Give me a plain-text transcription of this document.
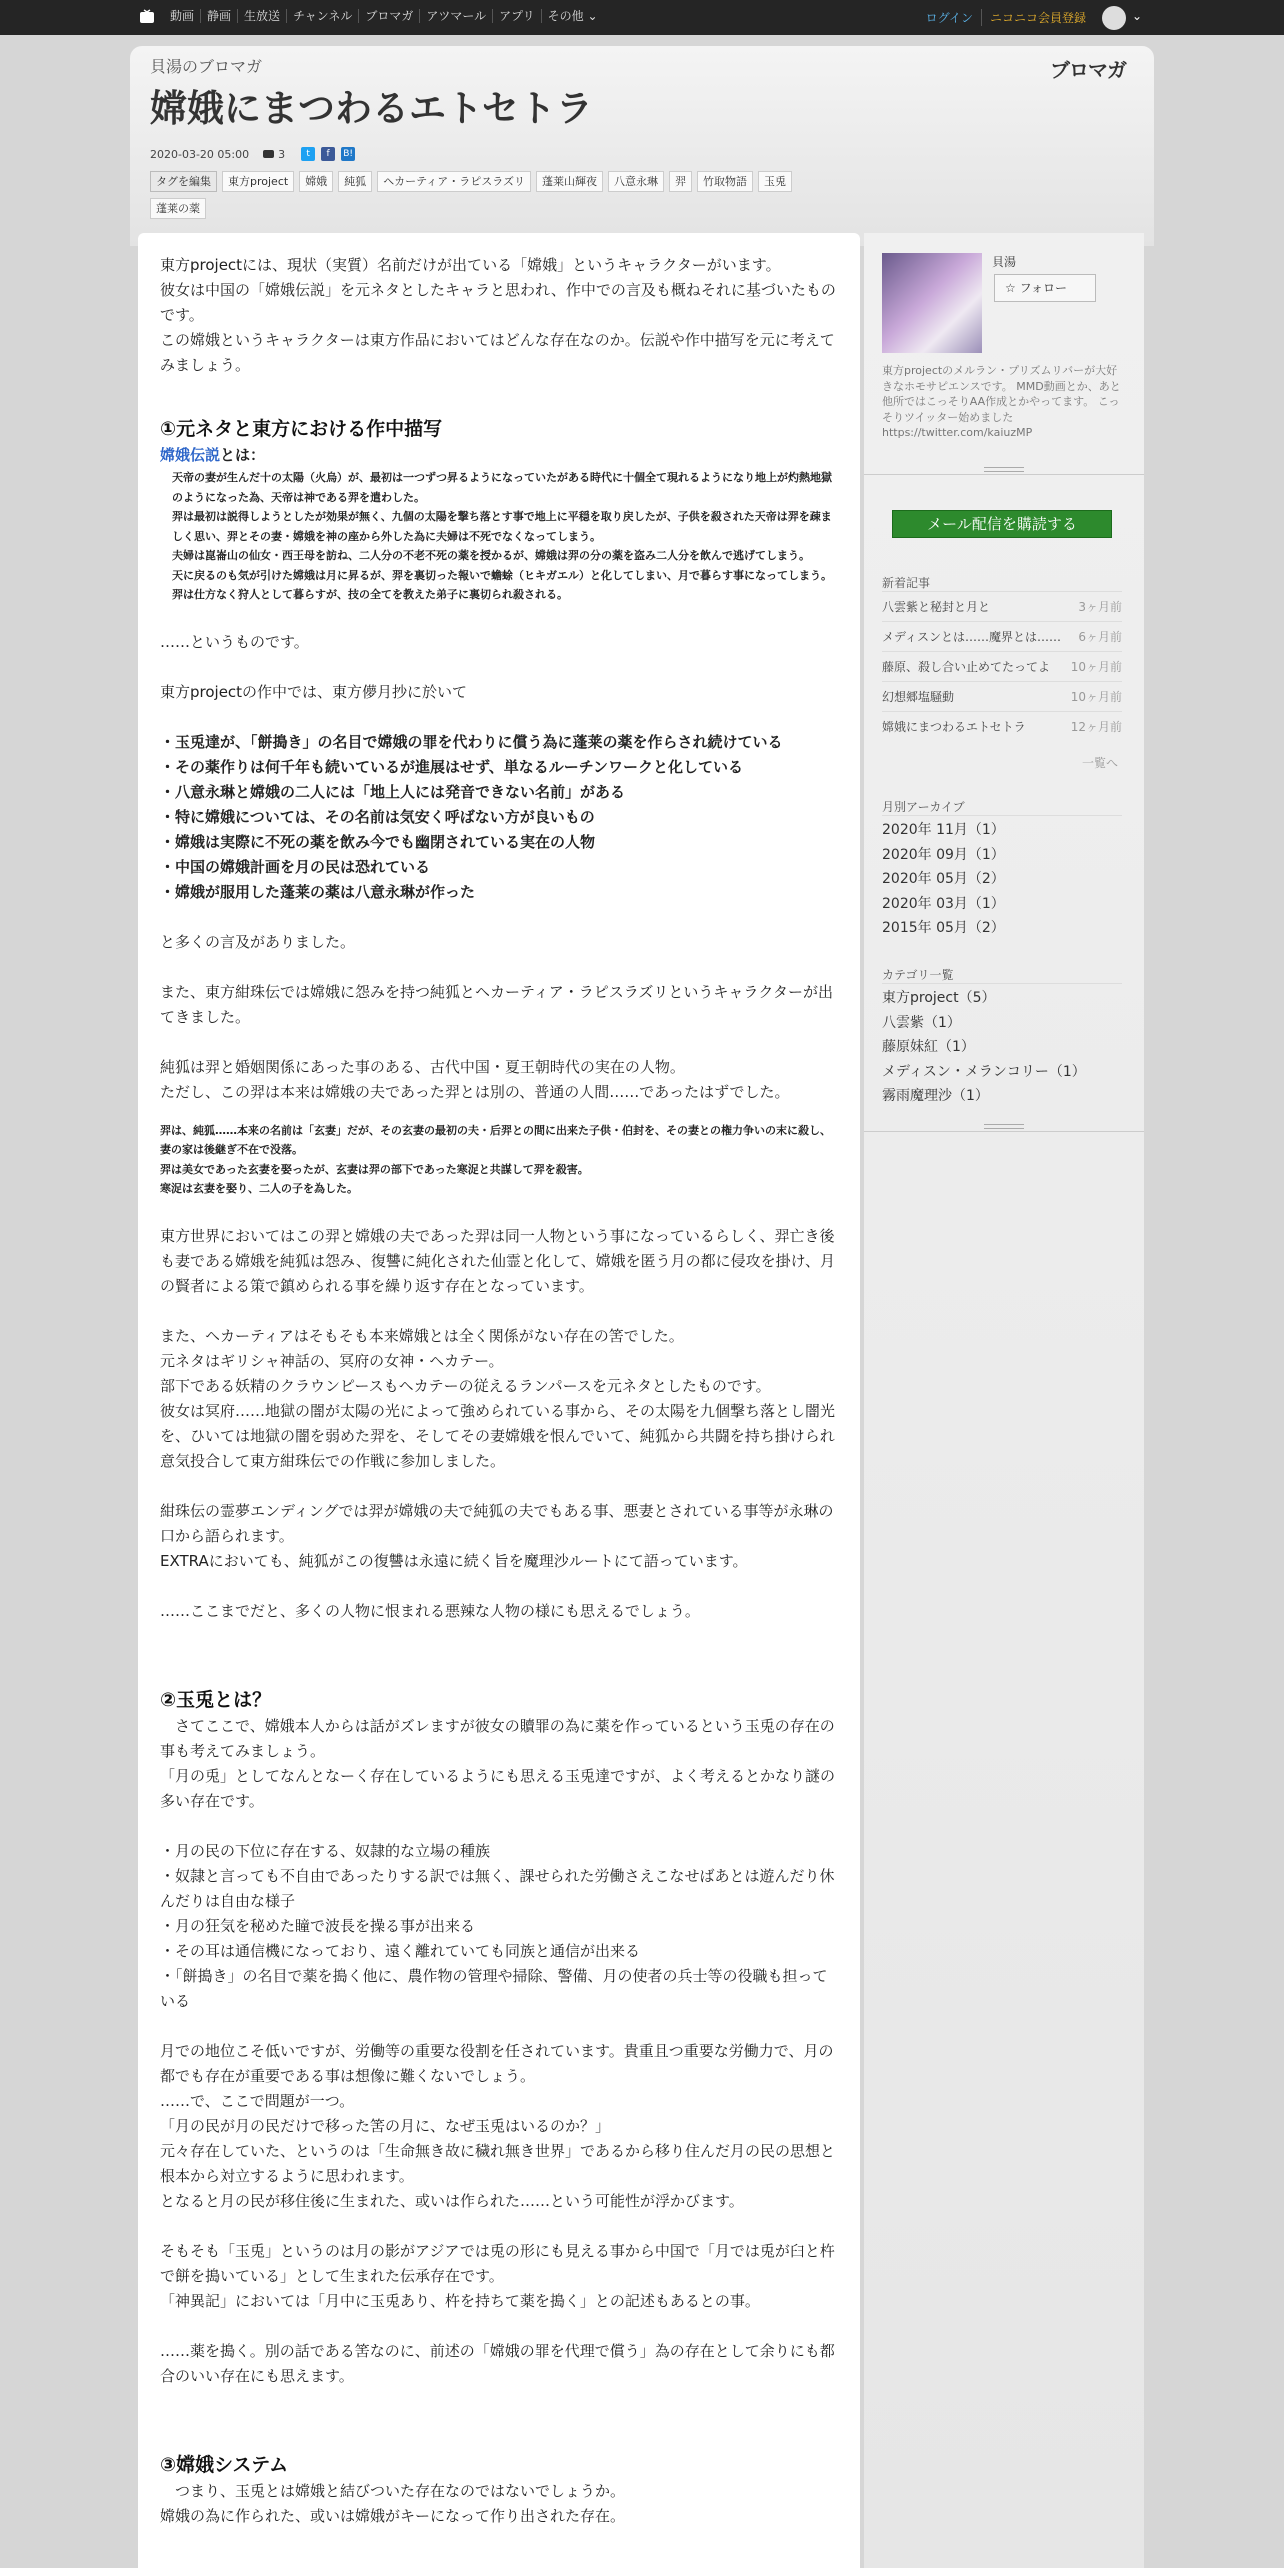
動画	静画	生放送	チャンネル	ブロマガ	アツマール	アプリ	その他 ⌄	ログイン	ニコニコ会員登録	⌄
貝湯のブロマガ	ブロマガ
嫦娥にまつわるエトセトラ
2020-03-20 05:00	3	t	f	B!
タグを編集	東方project	嫦娥	純狐	ヘカーティア・ラピスラズリ	蓬莱山輝夜	八意永琳	羿	竹取物語	玉兎
蓬莱の薬

東方projectには、現状（実質）名前だけが出ている「嫦娥」というキャラクターがいます。

彼女は中国の「嫦娥伝説」を元ネタとしたキャラと思われ、作中での言及も概ねそれに基づいたものです。

この嫦娥というキャラクターは東方作品においてはどんな存在なのか。伝説や作中描写を元に考えてみましょう。

①元ネタと東方における作中描写

嫦娥伝説とは：

天帝の妻が生んだ十の太陽（火烏）が、最初は一つずつ昇るようになっていたがある時代に十個全て現れるようになり地上が灼熱地獄のようになった為、天帝は神である羿を遣わした。

羿は最初は説得しようとしたが効果が無く、九個の太陽を撃ち落とす事で地上に平穏を取り戻したが、子供を殺された天帝は羿を疎ましく思い、羿とその妻・嫦娥を神の座から外した為に夫婦は不死でなくなってしまう。

夫婦は崑崙山の仙女・西王母を訪ね、二人分の不老不死の薬を授かるが、嫦娥は羿の分の薬を盗み二人分を飲んで逃げてしまう。

天に戻るのも気が引けた嫦娥は月に昇るが、羿を裏切った報いで蟾蜍（ヒキガエル）と化してしまい、月で暮らす事になってしまう。

羿は仕方なく狩人として暮らすが、技の全てを教えた弟子に裏切られ殺される。

……というものです。

東方projectの作中では、東方儚月抄に於いて

・玉兎達が、「餅搗き」の名目で嫦娥の罪を代わりに償う為に蓬莱の薬を作らされ続けている

・その薬作りは何千年も続いているが進展はせず、単なるルーチンワークと化している

・八意永琳と嫦娥の二人には「地上人には発音できない名前」がある

・特に嫦娥については、その名前は気安く呼ばない方が良いもの

・嫦娥は実際に不死の薬を飲み今でも幽閉されている実在の人物

・中国の嫦娥計画を月の民は恐れている

・嫦娥が服用した蓬莱の薬は八意永琳が作った

と多くの言及がありました。

また、東方紺珠伝では嫦娥に怨みを持つ純狐とヘカーティア・ラピスラズリというキャラクターが出てきました。

純狐は羿と婚姻関係にあった事のある、古代中国・夏王朝時代の実在の人物。

ただし、この羿は本来は嫦娥の夫であった羿とは別の、普通の人間……であったはずでした。

羿は、純狐……本来の名前は「玄妻」だが、その玄妻の最初の夫・后羿との間に出来た子供・伯封を、その妻との権力争いの末に殺し、妻の家は後継ぎ不在で没落。

羿は美女であった玄妻を娶ったが、玄妻は羿の部下であった寒浞と共謀して羿を殺害。

寒浞は玄妻を娶り、二人の子を為した。

東方世界においてはこの羿と嫦娥の夫であった羿は同一人物という事になっているらしく、羿亡き後も妻である嫦娥を純狐は怨み、復讐に純化された仙霊と化して、嫦娥を匿う月の都に侵攻を掛け、月の賢者による策で鎮められる事を繰り返す存在となっています。

また、ヘカーティアはそもそも本来嫦娥とは全く関係がない存在の筈でした。

元ネタはギリシャ神話の、冥府の女神・ヘカテー。

部下である妖精のクラウンピースもヘカテーの従えるランパースを元ネタとしたものです。

彼女は冥府……地獄の闇が太陽の光によって強められている事から、その太陽を九個撃ち落とし闇光を、ひいては地獄の闇を弱めた羿を、そしてその妻嫦娥を恨んでいて、純狐から共闘を持ち掛けられ意気投合して東方紺珠伝での作戦に参加しました。

紺珠伝の霊夢エンディングでは羿が嫦娥の夫で純狐の夫でもある事、悪妻とされている事等が永琳の口から語られます。

EXTRAにおいても、純狐がこの復讐は永遠に続く旨を魔理沙ルートにて語っています。

……ここまでだと、多くの人物に恨まれる悪辣な人物の様にも思えるでしょう。

②玉兎とは？

　さてここで、嫦娥本人からは話がズレますが彼女の贖罪の為に薬を作っているという玉兎の存在の事も考えてみましょう。

「月の兎」としてなんとなーく存在しているようにも思える玉兎達ですが、よく考えるとかなり謎の多い存在です。

・月の民の下位に存在する、奴隷的な立場の種族

・奴隷と言っても不自由であったりする訳では無く、課せられた労働さえこなせばあとは遊んだり休んだりは自由な様子

・月の狂気を秘めた瞳で波長を操る事が出来る

・その耳は通信機になっており、遠く離れていても同族と通信が出来る

・「餅搗き」の名目で薬を搗く他に、農作物の管理や掃除、警備、月の使者の兵士等の役職も担っている

月での地位こそ低いですが、労働等の重要な役割を任されています。貴重且つ重要な労働力で、月の都でも存在が重要である事は想像に難くないでしょう。

……で、ここで問題が一つ。

「月の民が月の民だけで移った筈の月に、なぜ玉兎はいるのか？」

元々存在していた、というのは「生命無き故に穢れ無き世界」であるから移り住んだ月の民の思想と根本から対立するように思われます。

となると月の民が移住後に生まれた、或いは作られた……という可能性が浮かびます。

そもそも「玉兎」というのは月の影がアジアでは兎の形にも見える事から中国で「月では兎が臼と杵で餅を搗いている」として生まれた伝承存在です。

「神異記」においては「月中に玉兎あり、杵を持ちて薬を搗く」との記述もあるとの事。

……薬を搗く。別の話である筈なのに、前述の「嫦娥の罪を代理で償う」為の存在として余りにも都合のいい存在にも思えます。

③嫦娥システム

　つまり、玉兎とは嫦娥と結びついた存在なのではないでしょうか。

嫦娥の為に作られた、或いは嫦娥がキーになって作り出された存在。

貝湯
☆ フォロー
東方projectのメルラン・プリズムリバーが大好きなホモサピエンスです。 MMD動画とか、あと他所ではこっそりAA作成とかやってます。 こっそりツイッター始めました https://twitter.com/kaiuzMP
メール配信を購読する
新着記事
八雲紫と秘封と月と	3ヶ月前
メディスンとは……魔界とは…… 6ヶ月前
藤原、殺し合い止めてたってよ 10ヶ月前
幻想郷塩騒動	10ヶ月前
嫦娥にまつわるエトセトラ	12ヶ月前
一覧へ
月別アーカイブ
2020年 11月（1）
2020年 09月（1）
2020年 05月（2）
2020年 03月（1）
2015年 05月（2）
カテゴリ一覧
東方project（5）
八雲紫（1）
藤原妹紅（1）
メディスン・メランコリー（1）
霧雨魔理沙（1）
